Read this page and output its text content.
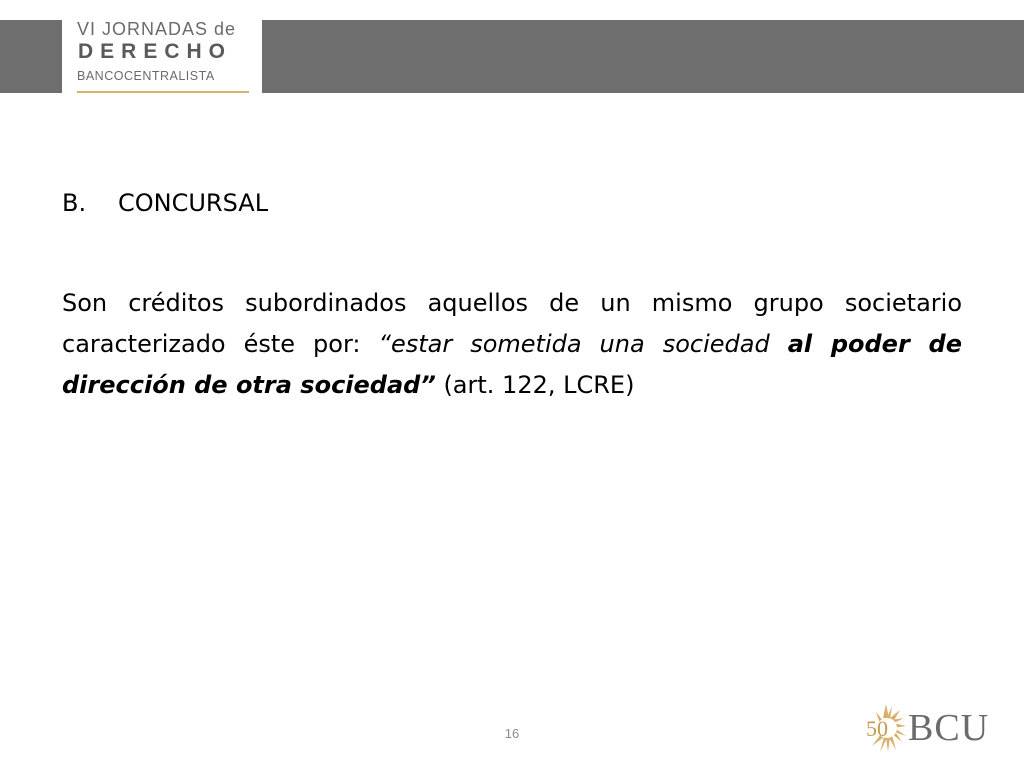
VI JORNADAS de
DERECHO
BANCOCENTRALISTA
B. CONCURSAL
Son créditos subordinados aquellos de un mismo grupo societario caracterizado éste por: “estar sometida una sociedad al poder de dirección de otra sociedad” (art. 122, LCRE)
16	50 BCU
